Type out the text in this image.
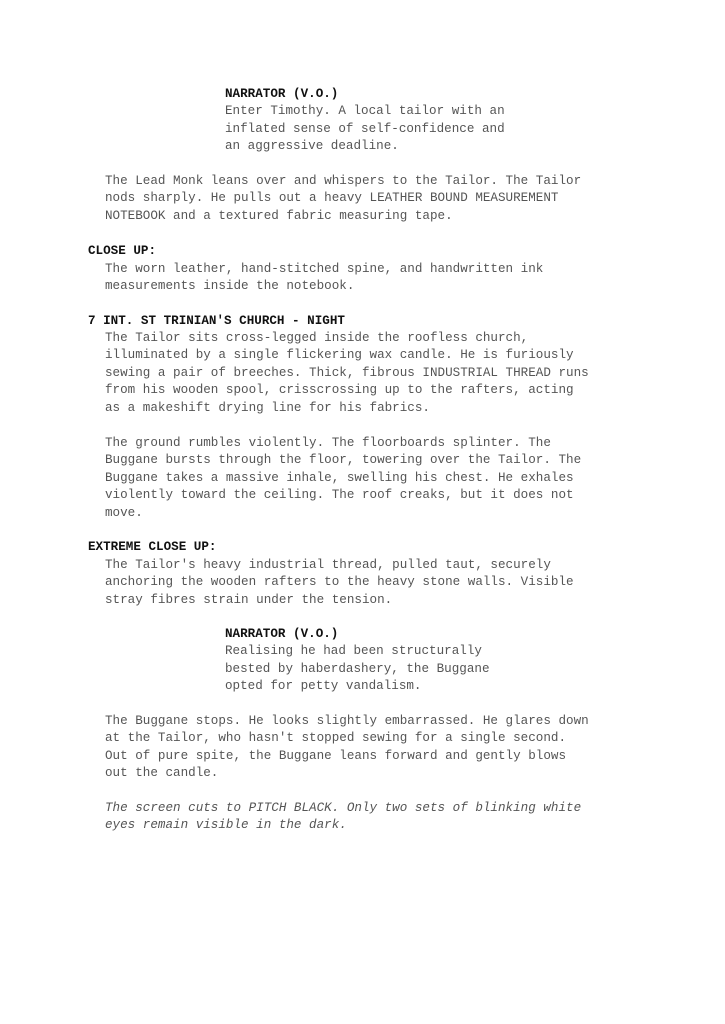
NARRATOR (V.O.)
Enter Timothy. A local tailor with an
inflated sense of self-confidence and
an aggressive deadline.
The Lead Monk leans over and whispers to the Tailor. The Tailor
nods sharply. He pulls out a heavy LEATHER BOUND MEASUREMENT
NOTEBOOK and a textured fabric measuring tape.
CLOSE UP:
The worn leather, hand-stitched spine, and handwritten ink
measurements inside the notebook.
7 INT. ST TRINIAN'S CHURCH - NIGHT
The Tailor sits cross-legged inside the roofless church,
illuminated by a single flickering wax candle. He is furiously
sewing a pair of breeches. Thick, fibrous INDUSTRIAL THREAD runs
from his wooden spool, crisscrossing up to the rafters, acting
as a makeshift drying line for his fabrics.
The ground rumbles violently. The floorboards splinter. The
Buggane bursts through the floor, towering over the Tailor. The
Buggane takes a massive inhale, swelling his chest. He exhales
violently toward the ceiling. The roof creaks, but it does not
move.
EXTREME CLOSE UP:
The Tailor's heavy industrial thread, pulled taut, securely
anchoring the wooden rafters to the heavy stone walls. Visible
stray fibres strain under the tension.
NARRATOR (V.O.)
Realising he had been structurally
bested by haberdashery, the Buggane
opted for petty vandalism.
The Buggane stops. He looks slightly embarrassed. He glares down
at the Tailor, who hasn't stopped sewing for a single second.
Out of pure spite, the Buggane leans forward and gently blows
out the candle.
The screen cuts to PITCH BLACK. Only two sets of blinking white
eyes remain visible in the dark.
